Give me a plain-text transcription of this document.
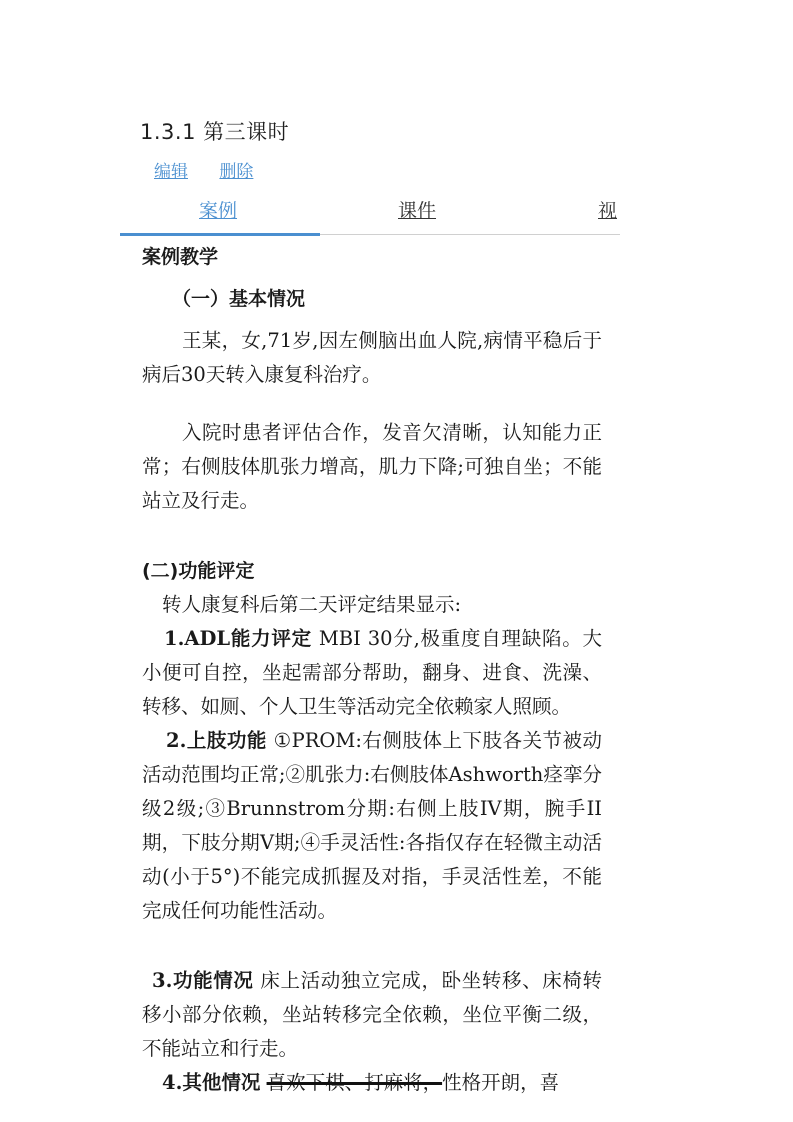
1.3.1 第三课时
编辑 删除
案例	课件	视

案例教学

（一）基本情况

王某，女,71岁,因左侧脑出血人院,病情平稳后于病后30天转入康复科治疗。

入院时患者评估合作，发音欠清晰，认知能力正常；右侧肢体肌张力增高，肌力下降;可独自坐；不能站立及行走。

(二)功能评定

转人康复科后第二天评定结果显示:

1.ADL能力评定 MBI 30分,极重度自理缺陷。大小便可自控，坐起需部分帮助，翻身、进食、洗澡、转移、如厕、个人卫生等活动完全依赖家人照顾。

2.上肢功能 ①PROM:右侧肢体上下肢各关节被动活动范围均正常;②肌张力:右侧肢体Ashworth痉挛分级2级;③Brunnstrom分期:右侧上肢IV期，腕手II期，下肢分期V期;④手灵活性:各指仅存在轻微主动活动(小于5°)不能完成抓握及对指，手灵活性差，不能完成任何功能性活动。

3.功能情况 床上活动独立完成，卧坐转移、床椅转移小部分依赖，坐站转移完全依赖，坐位平衡二级，不能站立和行走。

4.其他情况 喜欢下棋、打麻将，性格开朗，喜
